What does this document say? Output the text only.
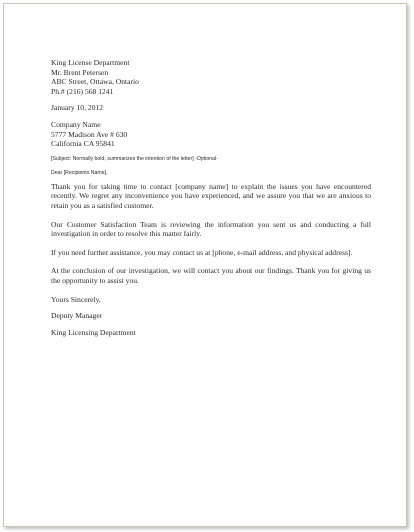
King License Department
Mr. Brent Petersen
ABC Street, Ottawa, Ontario
Ph.# (216) 568 1241
January 10, 2012
Company Name
5777 Madison Ave # 630
California CA 95841
[Subject: Normally bold, summarizes the intention of the letter] -Optional-
Dear [Recipients Name],

Thank you for taking time to contact [company name] to explain the issues you have encountered recently. We regret any inconvenience you have experienced, and we assure you that we are anxious to retain you as a satisfied customer.

Our Customer Satisfaction Team is reviewing the information you sent us and conducting a full investigation in order to resolve this matter fairly.

If you need further assistance, you may contact us at [phone, e-mail address, and physical address].

At the conclusion of our investigation, we will contact you about our findings. Thank you for giving us the opportunity to assist you.

Yours Sincerely,
Deputy Manager
King Licensing Department
